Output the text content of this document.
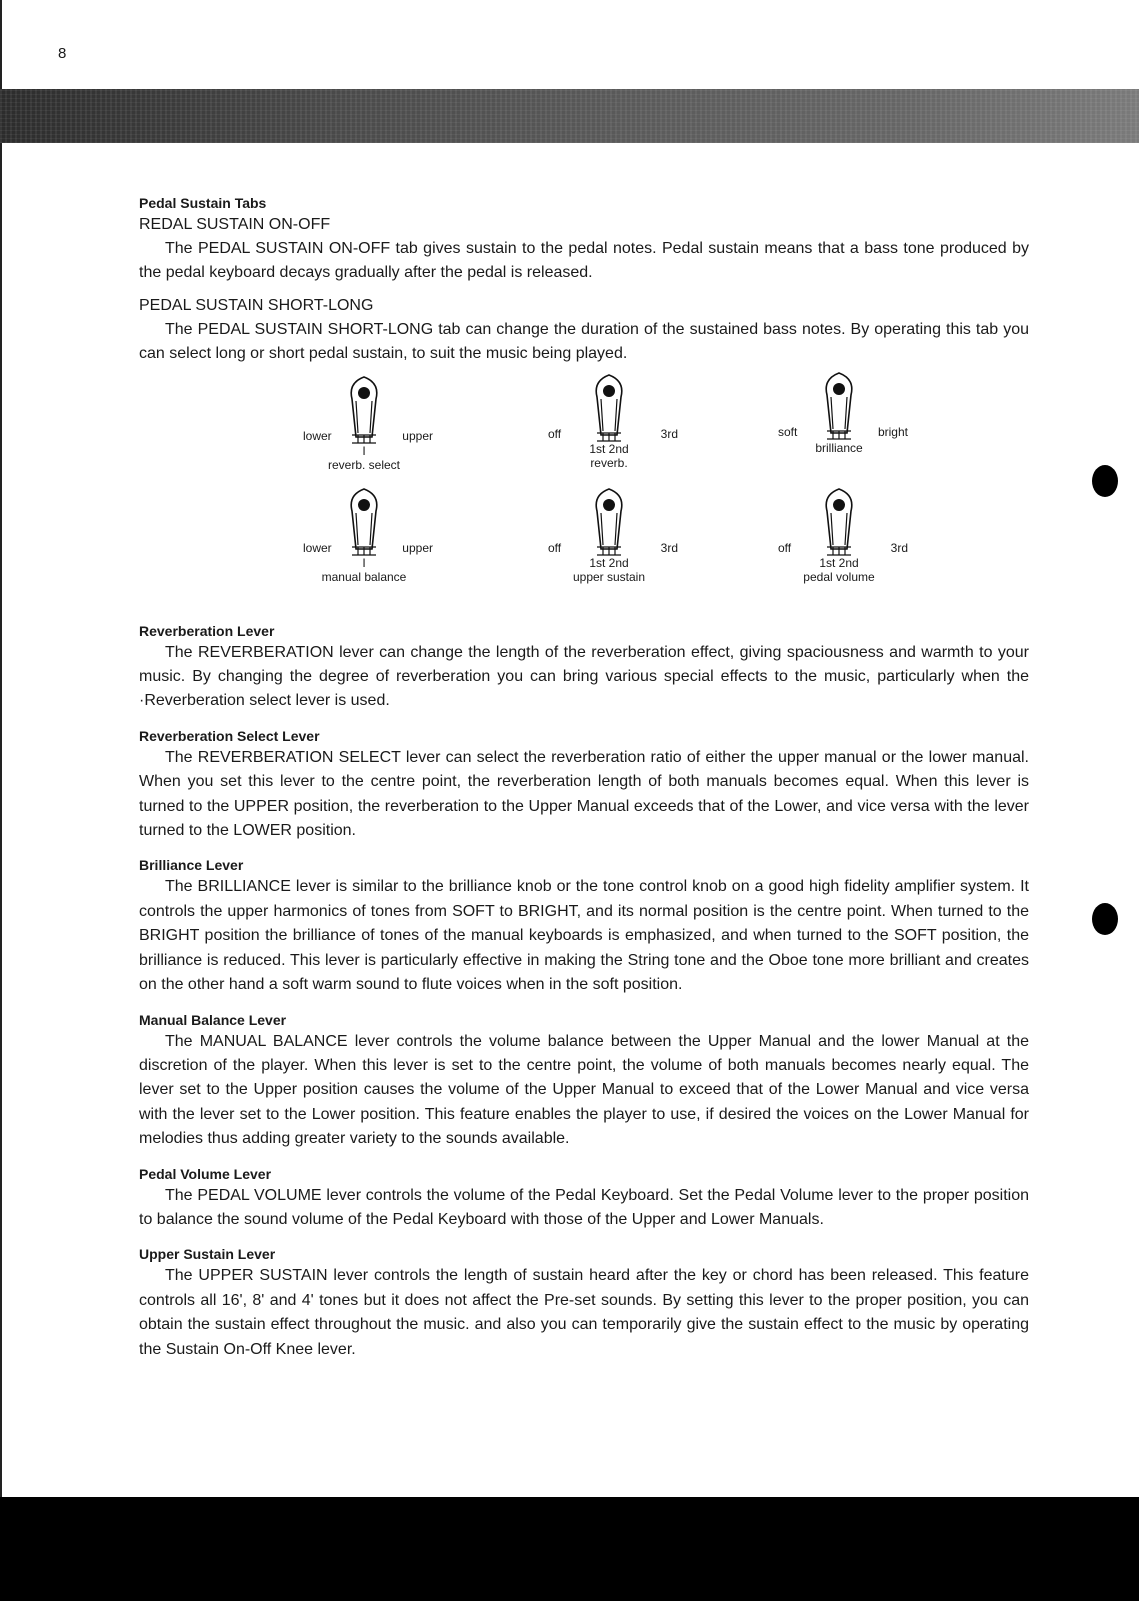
8
Pedal Sustain Tabs
REDAL SUSTAIN ON-OFF

The PEDAL SUSTAIN ON-OFF tab gives sustain to the pedal notes. Pedal sustain means that a bass tone produced by the pedal keyboard decays gradually after the pedal is released.

PEDAL SUSTAIN SHORT-LONG

The PEDAL SUSTAIN SHORT-LONG tab can change the duration of the sustained bass notes. By operating this tab you can select long or short pedal sustain, to suit the music being played.

lower	upper
I
reverb. select
off	3rd
1st 2nd
reverb.
soft	bright
brilliance
lower	upper
I
manual balance
off	3rd
1st 2nd
upper sustain
off	3rd
1st 2nd
pedal volume
Reverberation Lever

The REVERBERATION lever can change the length of the reverberation effect, giving spaciousness and warmth to your music. By changing the degree of reverberation you can bring various special effects to the music, particularly when the ·Reverberation select lever is used.

Reverberation Select Lever

The REVERBERATION SELECT lever can select the reverberation ratio of either the upper manual or the lower manual. When you set this lever to the centre point, the reverberation length of both manuals becomes equal. When this lever is turned to the UPPER position, the reverberation to the Upper Manual exceeds that of the Lower, and vice versa with the lever turned to the LOWER position.

Brilliance Lever

The BRILLIANCE lever is similar to the brilliance knob or the tone control knob on a good high fidelity amplifier system. It controls the upper harmonics of tones from SOFT to BRIGHT, and its normal position is the centre point. When turned to the BRIGHT position the brilliance of tones of the manual keyboards is emphasized, and when turned to the SOFT position, the brilliance is reduced. This lever is particularly effective in making the String tone and the Oboe tone more brilliant and creates on the other hand a soft warm sound to flute voices when in the soft position.

Manual Balance Lever

The MANUAL BALANCE lever controls the volume balance between the Upper Manual and the lower Manual at the discretion of the player. When this lever is set to the centre point, the volume of both manuals becomes nearly equal. The lever set to the Upper position causes the volume of the Upper Manual to exceed that of the Lower Manual and vice versa with the lever set to the Lower position. This feature enables the player to use, if desired the voices on the Lower Manual for melodies thus adding greater variety to the sounds available.

Pedal Volume Lever

The PEDAL VOLUME lever controls the volume of the Pedal Keyboard. Set the Pedal Volume lever to the proper position to balance the sound volume of the Pedal Keyboard with those of the Upper and Lower Manuals.

Upper Sustain Lever

The UPPER SUSTAIN lever controls the length of sustain heard after the key or chord has been released. This feature controls all 16', 8' and 4' tones but it does not affect the Pre-set sounds. By setting this lever to the proper position, you can obtain the sustain effect throughout the music. and also you can temporarily give the sustain effect to the music by operating the Sustain On-Off Knee lever.
